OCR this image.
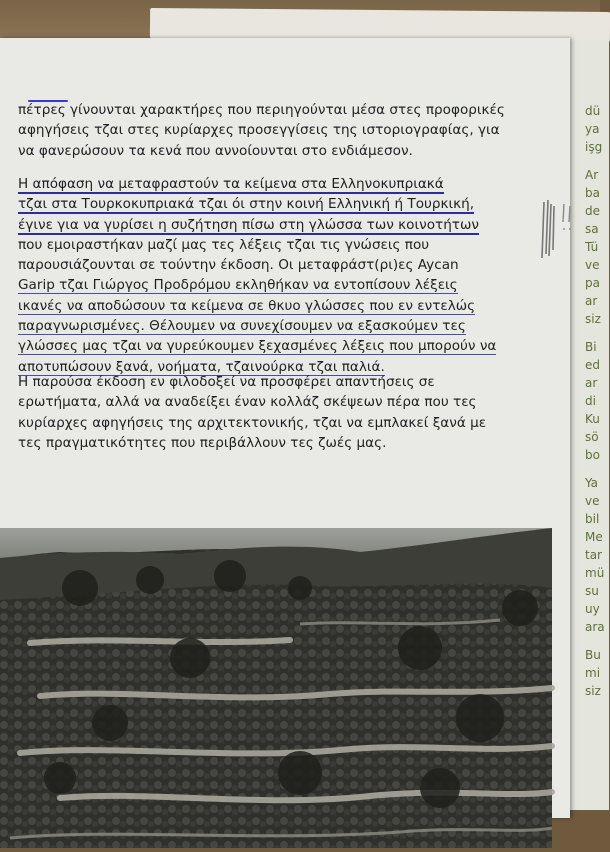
dü
ya
işg
Ar
ba
de
sa
Tü
ve
pa
ar
siz
Bi
ed
ar
di
Ku
sö
bo
Ya
ve
bil
Me
tar
mü
su
uy
ara
Bu
mi
siz
πέτρες γίνουνται χαρακτήρες που περιηγούνται μέσα στες προφορικές
αφηγήσεις τζαι στες κυρίαρχες προσεγγίσεις της ιστοριογραφίας, για
να φανερώσουν τα κενά που αννοίουνται στο ενδιάμεσον.
Η απόφαση να μεταφραστούν τα κείμενα στα Ελληνοκυπριακά
τζαι στα Τουρκοκυπριακά τζαι όι στην κοινή Ελληνική ή Τουρκική,
έγινε για να γυρίσει η συζήτηση πίσω στη γλώσσα των κοινοτήτων
που εμοιραστήκαν μαζί μας τες λέξεις τζαι τις γνώσεις που
παρουσιάζουνται σε τούντην έκδοση. Οι μεταφράστ(ρι)ες Aycan
Garip τζαι Γιώργος Προδρόμου εκληθήκαν να εντοπίσουν λέξεις
ικανές να αποδώσουν τα κείμενα σε θκυο γλώσσες που εν εντελώς
παραγνωρισμένες. Θέλουμεν να συνεχίσουμεν να εξασκούμεν τες
γλώσσες μας τζαι να γυρεύκουμεν ξεχασμένες λέξεις που μπορούν να
αποτυπώσουν ξανά, νοήματα, τζαινούρκα τζαι παλιά.
Η παρούσα έκδοση εν φιλοδοξεί να προσφέρει απαντήσεις σε
ερωτήματα, αλλά να αναδείξει έναν κολλάζ σκέψεων πέρα που τες
κυρίαρχες αφηγήσεις της αρχιτεκτονικής, τζαι να εμπλακεί ξανά με
τες πραγματικότητες που περιβάλλουν τες ζωές μας.
